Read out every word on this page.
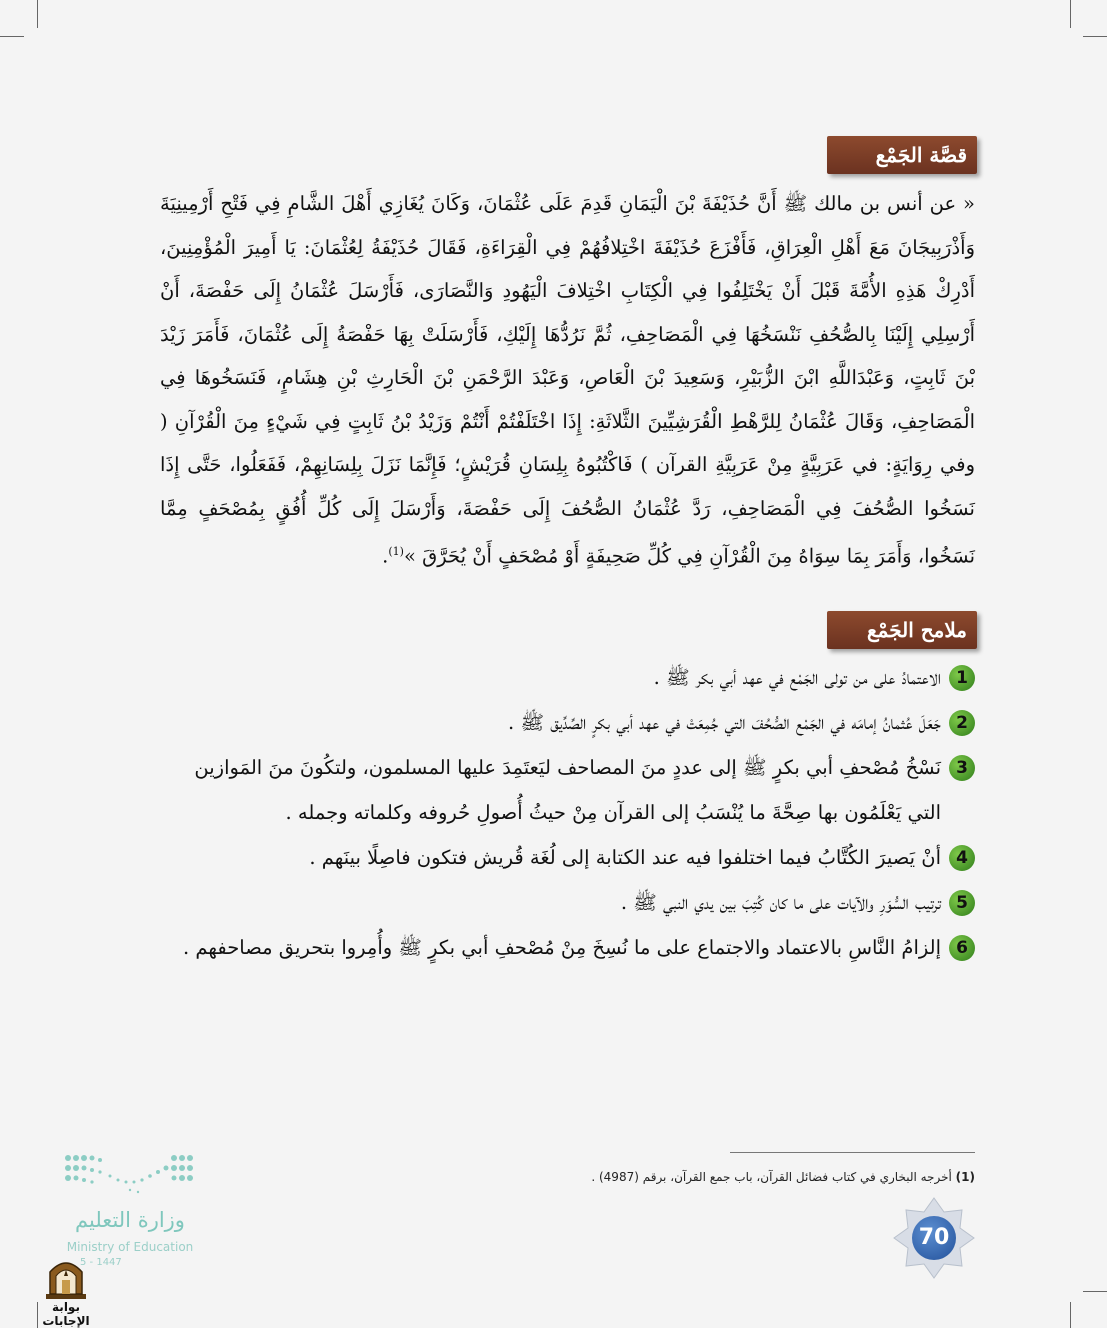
قصَّة الجَمْع
« عن أنس بن مالك ﷺ أَنَّ حُذَيْفَةَ بْنَ الْيَمَانِ قَدِمَ عَلَى عُثْمَانَ، وَكَانَ يُغَازِي أَهْلَ الشَّامِ فِي فَتْحِ أَرْمِينِيَةَ وَأَذْرَبِيجَانَ مَعَ أَهْلِ الْعِرَاقِ، فَأَفْزَعَ حُذَيْفَةَ اخْتِلافُهُمْ فِي الْقِرَاءَةِ، فَقَالَ حُذَيْفَةُ لِعُثْمَانَ: يَا أَمِيرَ الْمُؤْمِنِينَ، أَدْرِكْ هَذِهِ الأُمَّةَ قَبْلَ أَنْ يَخْتَلِفُوا فِي الْكِتَابِ اخْتِلافَ الْيَهُودِ وَالنَّصَارَى، فَأَرْسَلَ عُثْمَانُ إِلَى حَفْصَةَ، أَنْ أَرْسِلِي إِلَيْنَا بِالصُّحُفِ نَنْسَخُهَا فِي الْمَصَاحِفِ، ثُمَّ نَرُدُّهَا إِلَيْكِ، فَأَرْسَلَتْ بِهَا حَفْصَةُ إِلَى عُثْمَانَ، فَأَمَرَ زَيْدَ بْنَ ثَابِتٍ، وَعَبْدَاللَّهِ ابْنَ الزُّبَيْرِ، وَسَعِيدَ بْنَ الْعَاصِ، وَعَبْدَ الرَّحْمَنِ بْنَ الْحَارِثِ بْنِ هِشَامٍ، فَنَسَخُوهَا فِي الْمَصَاحِفِ، وَقَالَ عُثْمَانُ لِلرَّهْطِ الْقُرَشِيِّينَ الثَّلاثَةِ: إِذَا اخْتَلَفْتُمْ أَنْتُمْ وَزَيْدُ بْنُ ثَابِتٍ فِي شَيْءٍ مِنَ الْقُرْآنِ ( وفي رِوَايَةٍ: في عَرَبِيَّةٍ مِنْ عَرَبِيَّةِ القرآن ) فَاكْتُبُوهُ بِلِسَانِ قُرَيْشٍ؛ فَإِنَّمَا نَزَلَ بِلِسَانِهِمْ، فَفَعَلُوا، حَتَّى إِذَا نَسَخُوا الصُّحُفَ فِي الْمَصَاحِفِ، رَدَّ عُثْمَانُ الصُّحُفَ إِلَى حَفْصَةَ، وَأَرْسَلَ إِلَى كُلِّ أُفُقٍ بِمُصْحَفٍ مِمَّا نَسَخُوا، وَأَمَرَ بِمَا سِوَاهُ مِنَ الْقُرْآنِ فِي كُلِّ صَحِيفَةٍ أَوْ مُصْحَفٍ أَنْ يُحَرَّقَ »$^{(1)}$.
ملامح الجَمْع
1
الاعتمادُ على من تولى الجَمْع في عهد أبي بكر ﷺ .
2
جَعَلَ عُثمانُ إمامَه في الجَمْع الصُّحُفَ التي جُمِعَتْ في عهد أبي بكرٍ الصِّدِّيق ﷺ .
3
نَسْخُ مُصْحفِ أبي بكرٍ ﷺ إلى عددٍ منَ المصاحف ليَعتَمِدَ عليها المسلمون، ولتكُونَ منَ المَوازين التي يَعْلَمُون بها صِحَّةَ ما يُنْسَبُ إلى القرآن مِنْ حيثُ أُصولِ حُروفه وكلماته وجمله .
4
أنْ يَصيرَ الكُتَّابُ فيما اختلفوا فيه عند الكتابة إلى لُغَة قُريش فتكون فاصِلًا بينَهم .
5
ترتيب السُّوَرِ والآيات على ما كان كُتِبَ بين يدي النبي ﷺ .
6
إلزامُ النَّاسِ بالاعتماد والاجتماع على ما نُسِخَ مِنْ مُصْحفِ أبي بكرٍ ﷺ وأُمِروا بتحريق مصاحفهم .
(1) أخرجه البخاري في كتاب فضائل القرآن، باب جمع القرآن، برقم (4987) .
70
وزارة التعليم
Ministry of Education
5 - 1447
بوابة الإجابات
